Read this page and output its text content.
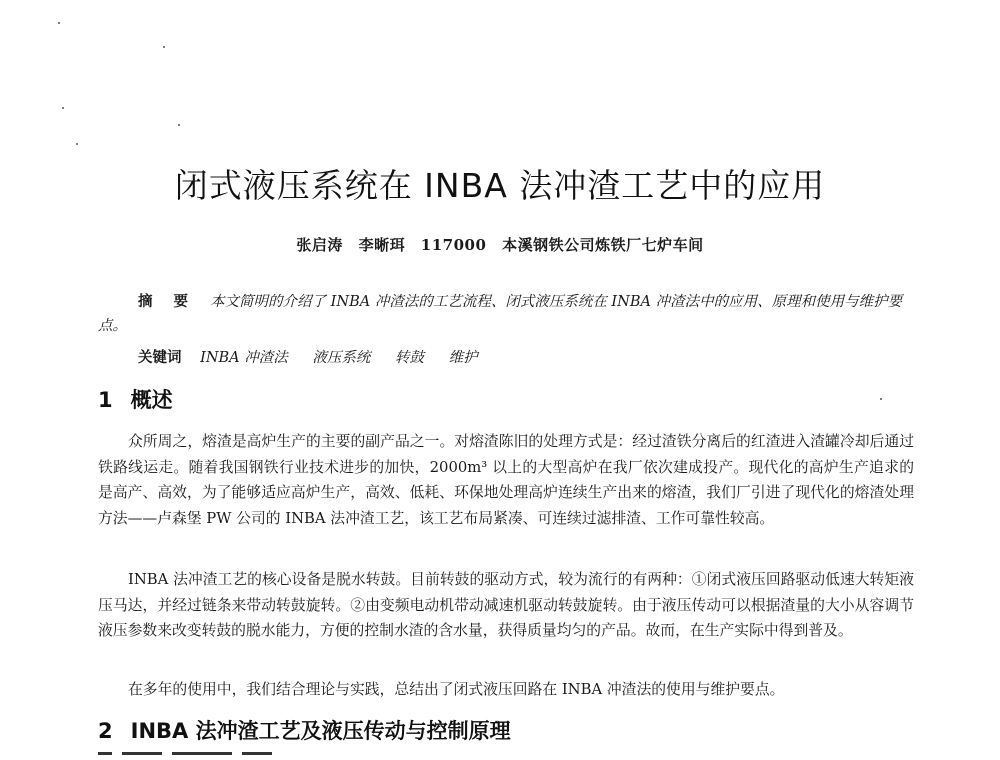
闭式液压系统在 INBA 法冲渣工艺中的应用
张启涛 李晰珥 117000 本溪钢铁公司炼铁厂七炉车间
摘 要 本文简明的介绍了 INBA 冲渣法的工艺流程、闭式液压系统在 INBA 冲渣法中的应用、原理和使用与维护要点。
关键词 INBA 冲渣法 液压系统 转鼓 维护
1 概述

众所周之，熔渣是高炉生产的主要的副产品之一。对熔渣陈旧的处理方式是：经过渣铁分离后的红渣进入渣罐冷却后通过铁路线运走。随着我国钢铁行业技术进步的加快，2000m³ 以上的大型高炉在我厂依次建成投产。现代化的高炉生产追求的是高产、高效，为了能够适应高炉生产，高效、低耗、环保地处理高炉连续生产出来的熔渣，我们厂引进了现代化的熔渣处理方法——卢森堡 PW 公司的 INBA 法冲渣工艺，该工艺布局紧凑、可连续过滤排渣、工作可靠性较高。

INBA 法冲渣工艺的核心设备是脱水转鼓。目前转鼓的驱动方式，较为流行的有两种：①闭式液压回路驱动低速大转矩液压马达，并经过链条来带动转鼓旋转。②由变频电动机带动减速机驱动转鼓旋转。由于液压传动可以根据渣量的大小从容调节液压参数来改变转鼓的脱水能力，方便的控制水渣的含水量，获得质量均匀的产品。故而，在生产实际中得到普及。

在多年的使用中，我们结合理论与实践，总结出了闭式液压回路在 INBA 冲渣法的使用与维护要点。

2 INBA 法冲渣工艺及液压传动与控制原理
